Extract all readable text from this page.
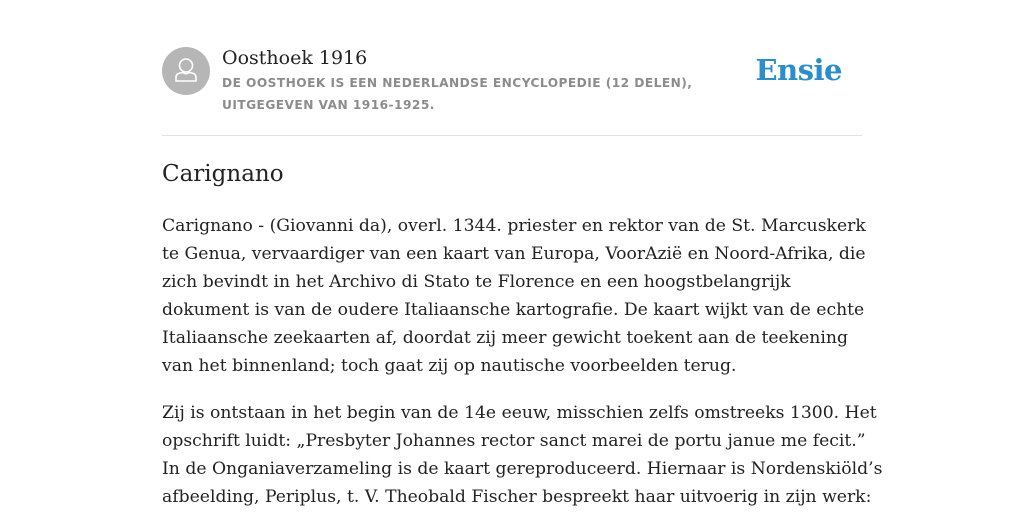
Oosthoek 1916
DE OOSTHOEK IS EEN NEDERLANDSE ENCYCLOPEDIE (12 DELEN), UITGEGEVEN VAN 1916-1925.
Ensie
Carignano

Carignano - (Giovanni da), overl. 1344. priester en rektor van de St. Marcuskerk
te Genua, vervaardiger van een kaart van Europa, VoorAzië en Noord-Afrika, die
zich bevindt in het Archivo di Stato te Florence en een hoogstbelangrijk
dokument is van de oudere Italiaansche kartografie. De kaart wijkt van de echte
Italiaansche zeekaarten af, doordat zij meer gewicht toekent aan de teekening
van het binnenland; toch gaat zij op nautische voorbeelden terug.

Zij is ontstaan in het begin van de 14e eeuw, misschien zelfs omstreeks 1300. Het
opschrift luidt: „Presbyter Johannes rector sanct marei de portu janue me fecit.”
In de Onganiaverzameling is de kaart gereproduceerd. Hiernaar is Nordenskiöld’s
afbeelding, Periplus, t. V. Theobald Fischer bespreekt haar uitvoerig in zijn werk:
